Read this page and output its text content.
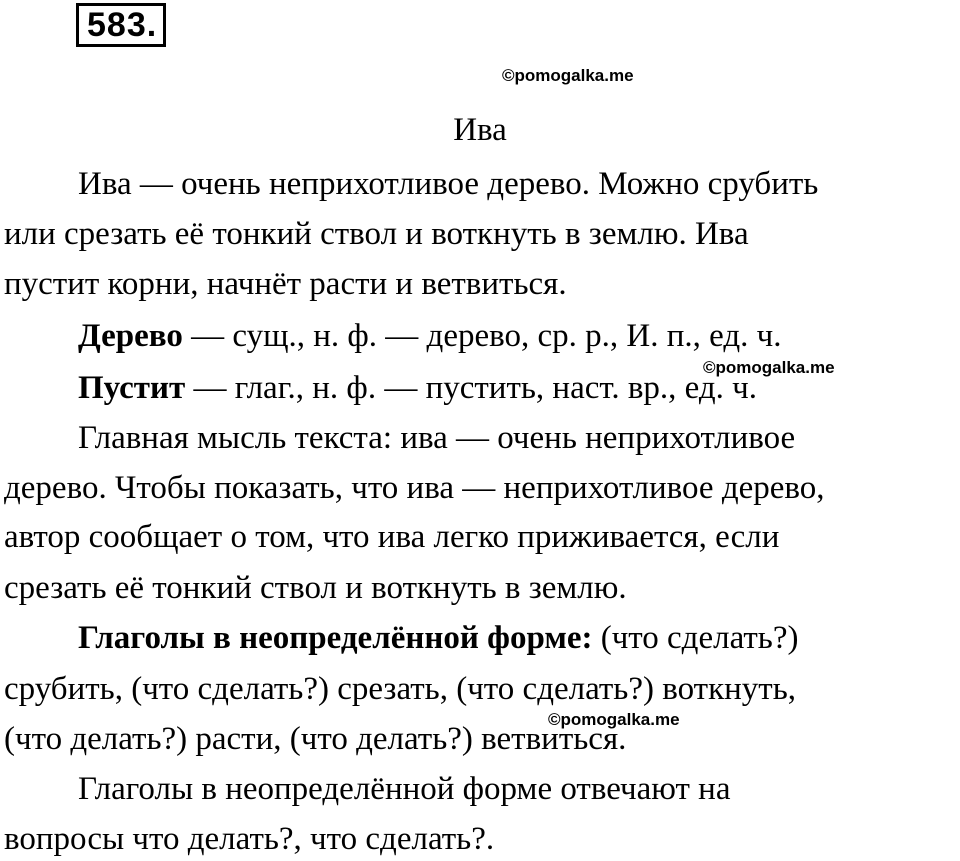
583.
©pomogalka.me
Ива
Ива — очень неприхотливое дерево. Можно срубить
или срезать её тонкий ствол и воткнуть в землю. Ива
пустит корни, начнёт расти и ветвиться.
Дерево — сущ., н. ф. — дерево, ср. р., И. п., ед. ч.
©pomogalka.me
Пустит — глаг., н. ф. — пустить, наст. вр., ед. ч.
Главная мысль текста: ива — очень неприхотливое
дерево. Чтобы показать, что ива — неприхотливое дерево,
автор сообщает о том, что ива легко приживается, если
срезать её тонкий ствол и воткнуть в землю.
Глаголы в неопределённой форме: (что сделать?)
срубить, (что сделать?) срезать, (что сделать?) воткнуть,
©pomogalka.me
(что делать?) расти, (что делать?) ветвиться.
Глаголы в неопределённой форме отвечают на
вопросы что делать?, что сделать?.
